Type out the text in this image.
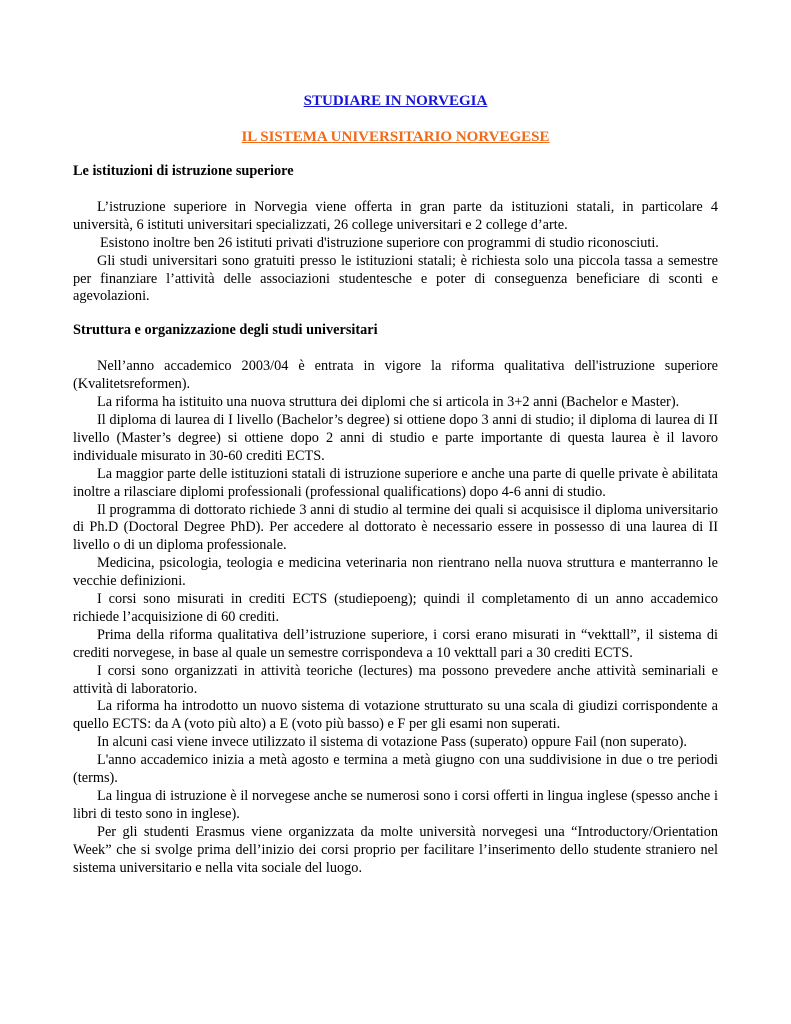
STUDIARE IN NORVEGIA

IL SISTEMA UNIVERSITARIO NORVEGESE

Le istituzioni di istruzione superiore

L’istruzione superiore in Norvegia viene offerta in gran parte da istituzioni statali, in particolare 4 università, 6 istituti universitari specializzati, 26 college universitari e 2 college d’arte.

Esistono inoltre ben 26 istituti privati d'istruzione superiore con programmi di studio riconosciuti.

Gli studi universitari sono gratuiti presso le istituzioni statali; è richiesta solo una piccola tassa a semestre per finanziare l’attività delle associazioni studentesche e poter di conseguenza beneficiare di sconti e agevolazioni.

Struttura e organizzazione degli studi universitari

Nell’anno accademico 2003/04 è entrata in vigore la riforma qualitativa dell'istruzione superiore (Kvalitetsreformen).

La riforma ha istituito una nuova struttura dei diplomi che si articola in 3+2 anni (Bachelor e Master).

Il diploma di laurea di I livello (Bachelor’s degree) si ottiene dopo 3 anni di studio; il diploma di laurea di II livello (Master’s degree) si ottiene dopo 2 anni di studio e parte importante di questa laurea è il lavoro individuale misurato in 30-60 crediti ECTS.

La maggior parte delle istituzioni statali di istruzione superiore e anche una parte di quelle private è abilitata inoltre a rilasciare diplomi professionali (professional qualifications) dopo 4-6 anni di studio.

Il programma di dottorato richiede 3 anni di studio al termine dei quali si acquisisce il diploma universitario di Ph.D (Doctoral Degree PhD). Per accedere al dottorato è necessario essere in possesso di una laurea di II livello o di un diploma professionale.

Medicina, psicologia, teologia e medicina veterinaria non rientrano nella nuova struttura e manterranno le vecchie definizioni.

I corsi sono misurati in crediti ECTS (studiepoeng); quindi il completamento di un anno accademico richiede l’acquisizione di 60 crediti.

Prima della riforma qualitativa dell’istruzione superiore, i corsi erano misurati in “vekttall”, il sistema di crediti norvegese, in base al quale un semestre corrispondeva a 10 vekttall pari a 30 crediti ECTS.

I corsi sono organizzati in attività teoriche (lectures) ma possono prevedere anche attività seminariali e attività di laboratorio.

La riforma ha introdotto un nuovo sistema di votazione strutturato su una scala di giudizi corrispondente a quello ECTS: da A (voto più alto) a E (voto più basso) e F per gli esami non superati.

In alcuni casi viene invece utilizzato il sistema di votazione Pass (superato) oppure Fail (non superato).

L'anno accademico inizia a metà agosto e termina a metà giugno con una suddivisione in due o tre periodi (terms).

La lingua di istruzione è il norvegese anche se numerosi sono i corsi offerti in lingua inglese (spesso anche i libri di testo sono in inglese).

Per gli studenti Erasmus viene organizzata da molte università norvegesi una “Introductory/Orientation Week” che si svolge prima dell’inizio dei corsi proprio per facilitare l’inserimento dello studente straniero nel sistema universitario e nella vita sociale del luogo.
